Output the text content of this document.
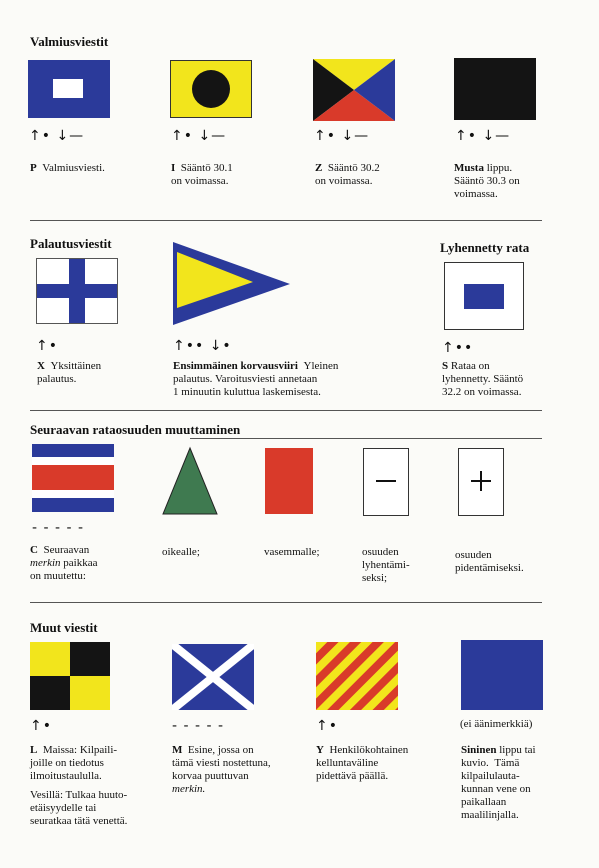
Valmiusviestit
↑• ↓—
P Valmiusviesti.
↑• ↓—
I Sääntö 30.1
on voimassa.
↑• ↓—
Z Sääntö 30.2
on voimassa.
↑• ↓—
Musta lippu.
Sääntö 30.3 on
voimassa.
Palautusviestit	Lyhennetty rata
↑•
X Yksittäinen
palautus.
↑•• ↓•
Ensimmäinen korvausviiri Yleinen
palautus. Varoitusviesti annetaan
1 minuutin kuluttua laskemisesta.
↑••
S Rataa on
lyhennetty. Sääntö
32.2 on voimassa.
Seuraavan rataosuuden muuttaminen
- - - - -
C Seuraavan
merkin paikkaa
on muutettu:
oikealle;	vasemmalle;	osuuden
lyhentämi-
seksi;
osuuden
pidentämiseksi.
Muut viestit
↑•
L Maissa: Kilpaili-
joille on tiedotus
ilmoitustaululla.

Vesillä: Tulkaa huuto-
etäisyydelle tai
seuratkaa tätä venettä.
- - - - -
M Esine, jossa on
tämä viesti nostettuna,
korvaa puuttuvan
merkin.
↑•
Y Henkilökohtainen
kelluntaväline
pidettävä päällä.
(ei äänimerkkiä)
Sininen lippu tai
kuvio. Tämä
kilpailulauta-
kunnan vene on
paikallaan
maalilinjalla.
